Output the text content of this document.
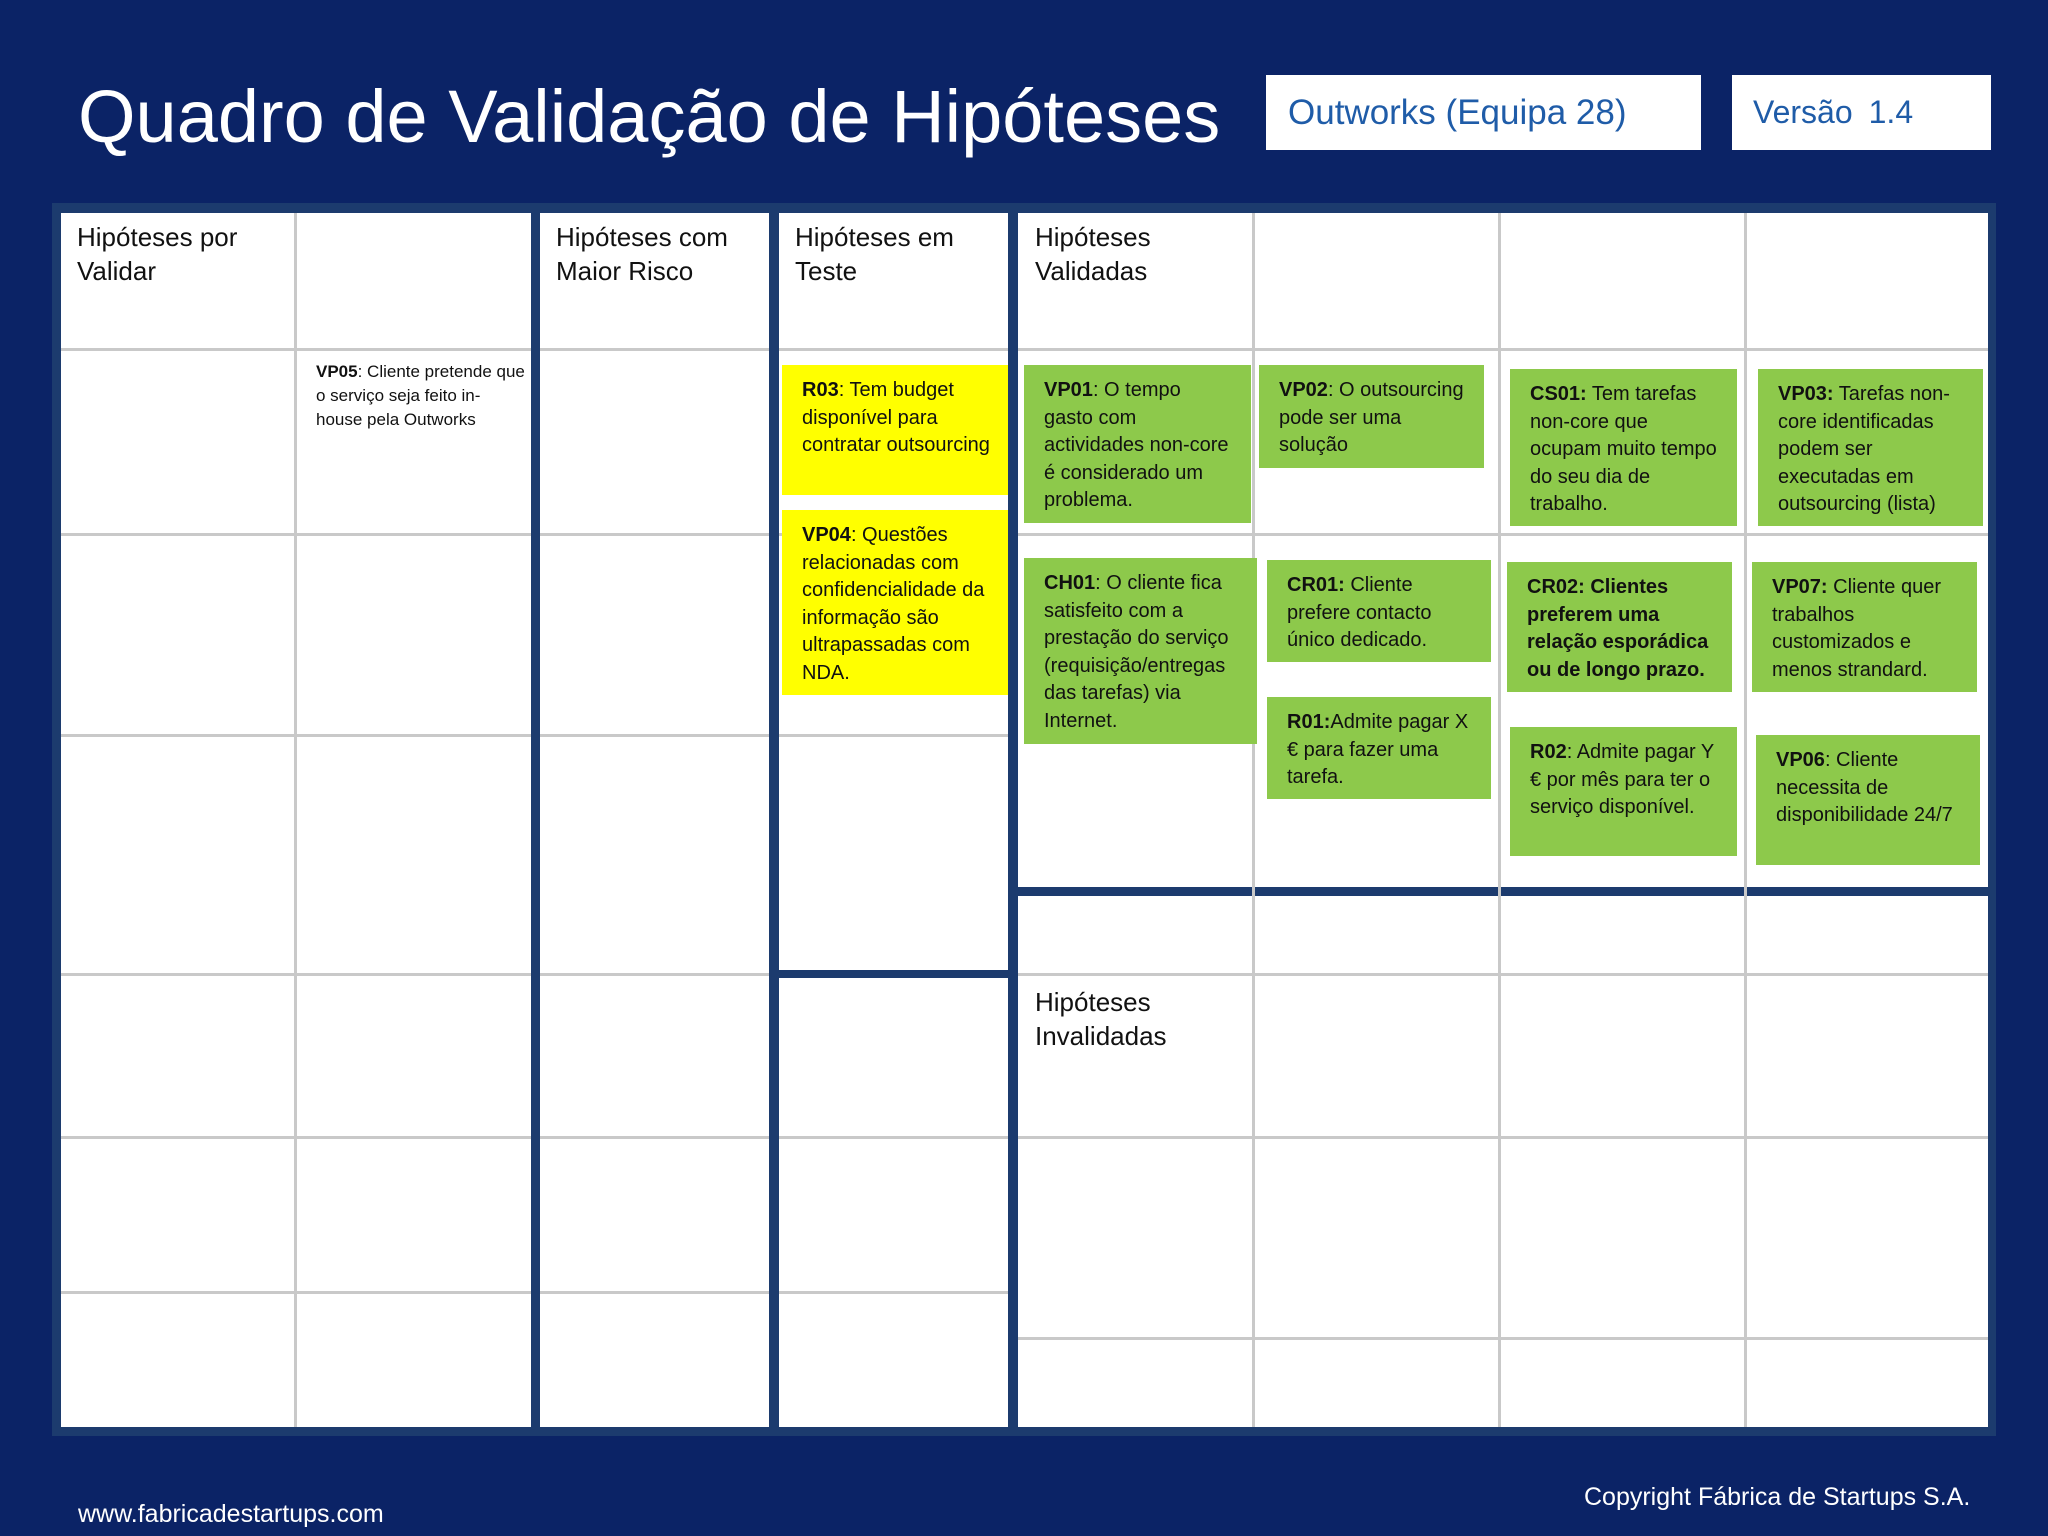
Quadro de Validação de Hipóteses Outworks (Equipa 28)	Versão 1.4
Hipóteses por
Validar
Hipóteses com
Maior Risco
Hipóteses em
Teste
Hipóteses
Validadas
Hipóteses
Invalidadas
VP05: Cliente pretende que o serviço seja feito in-house pela Outworks
R03: Tem budget disponível para contratar outsourcing
VP04: Questões relacionadas com confidencialidade da informação são ultrapassadas com NDA.
VP01: O tempo gasto com actividades non-core é considerado um problema.
VP02: O outsourcing pode ser uma solução
CS01: Tem tarefas non-core que ocupam muito tempo do seu dia de trabalho.
VP03: Tarefas non-core identificadas podem ser executadas em outsourcing (lista)
CH01: O cliente fica satisfeito com a prestação do serviço (requisição/entregas das tarefas) via Internet.
CR01: Cliente prefere contacto único dedicado.
CR02: Clientes preferem uma relação esporádica ou de longo prazo.
VP07: Cliente quer trabalhos customizados e menos strandard.
R01:Admite pagar X € para fazer uma tarefa.
R02: Admite pagar Y € por mês para ter o serviço disponível.
VP06: Cliente necessita de disponibilidade 24/7
www.fabricadestartups.com
Copyright Fábrica de Startups S.A.
